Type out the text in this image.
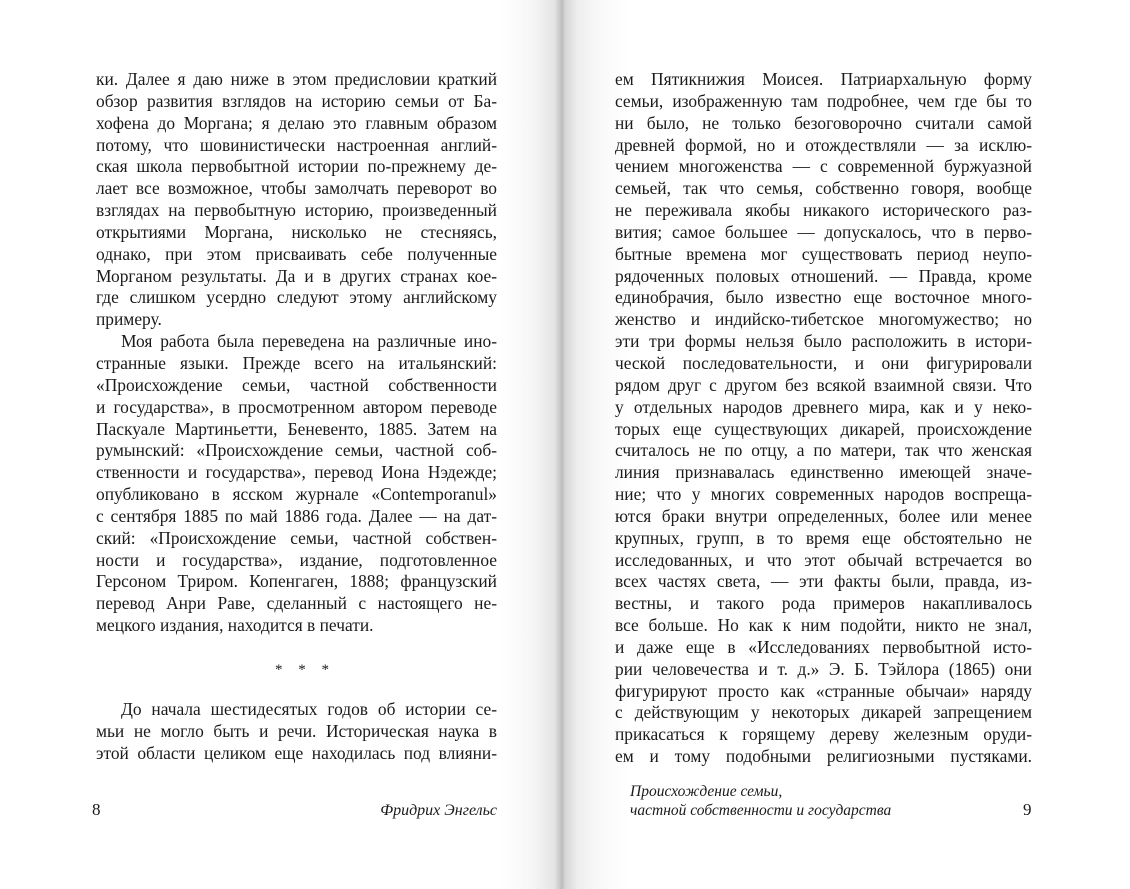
ки. Далее я даю ниже в этом предисловии краткий
обзор развития взглядов на историю семьи от Ба-
хофена до Моргана; я делаю это главным образом
потому, что шовинистически настроенная англий-
ская школа первобытной истории по-прежнему де-
лает все возможное, чтобы замолчать переворот во
взглядах на первобытную историю, произведенный
открытиями Моргана, нисколько не стесняясь,
однако, при этом присваивать себе полученные
Морганом результаты. Да и в других странах кое-
где слишком усердно следуют этому английскому
примеру.
Моя работа была переведена на различные ино-
странные языки. Прежде всего на итальянский:
«Происхождение семьи, частной собственности
и государства», в просмотренном автором переводе
Паскуале Мартиньетти, Беневенто, 1885. Затем на
румынский: «Происхождение семьи, частной соб-
ственности и государства», перевод Иона Нэдежде;
опубликовано в ясском журнале «Contemporanul»
с сентября 1885 по май 1886 года. Далее — на дат-
ский: «Происхождение семьи, частной собствен-
ности и государства», издание, подготовленное
Герсоном Триром. Копенгаген, 1888; французский
перевод Анри Раве, сделанный с настоящего не-
мецкого издания, находится в печати.
* * *
До начала шестидесятых годов об истории се-
мьи не могло быть и речи. Историческая наука в
этой области целиком еще находилась под влияни-
8	Фридрих Энгельс
ем Пятикнижия Моисея. Патриархальную форму
семьи, изображенную там подробнее, чем где бы то
ни было, не только безоговорочно считали самой
древней формой, но и отождествляли — за исклю-
чением многоженства — с современной буржуазной
семьей, так что семья, собственно говоря, вообще
не переживала якобы никакого исторического раз-
вития; самое большее — допускалось, что в перво-
бытные времена мог существовать период неупо-
рядоченных половых отношений. — Правда, кроме
единобрачия, было известно еще восточное много-
женство и индийско-тибетское многомужество; но
эти три формы нельзя было расположить в истори-
ческой последовательности, и они фигурировали
рядом друг с другом без всякой взаимной связи. Что
у отдельных народов древнего мира, как и у неко-
торых еще существующих дикарей, происхождение
считалось не по отцу, а по матери, так что женская
линия признавалась единственно имеющей значе-
ние; что у многих современных народов воспреща-
ются браки внутри определенных, более или менее
крупных, групп, в то время еще обстоятельно не
исследованных, и что этот обычай встречается во
всех частях света, — эти факты были, правда, из-
вестны, и такого рода примеров накапливалось
все больше. Но как к ним подойти, никто не знал,
и даже еще в «Исследованиях первобытной исто-
рии человечества и т. д.» Э. Б. Тэйлора (1865) они
фигурируют просто как «странные обычаи» наряду
с действующим у некоторых дикарей запрещением
прикасаться к горящему дереву железным оруди-
ем и тому подобными религиозными пустяками.
Происхождение семьи,
частной собственности и государства	9
